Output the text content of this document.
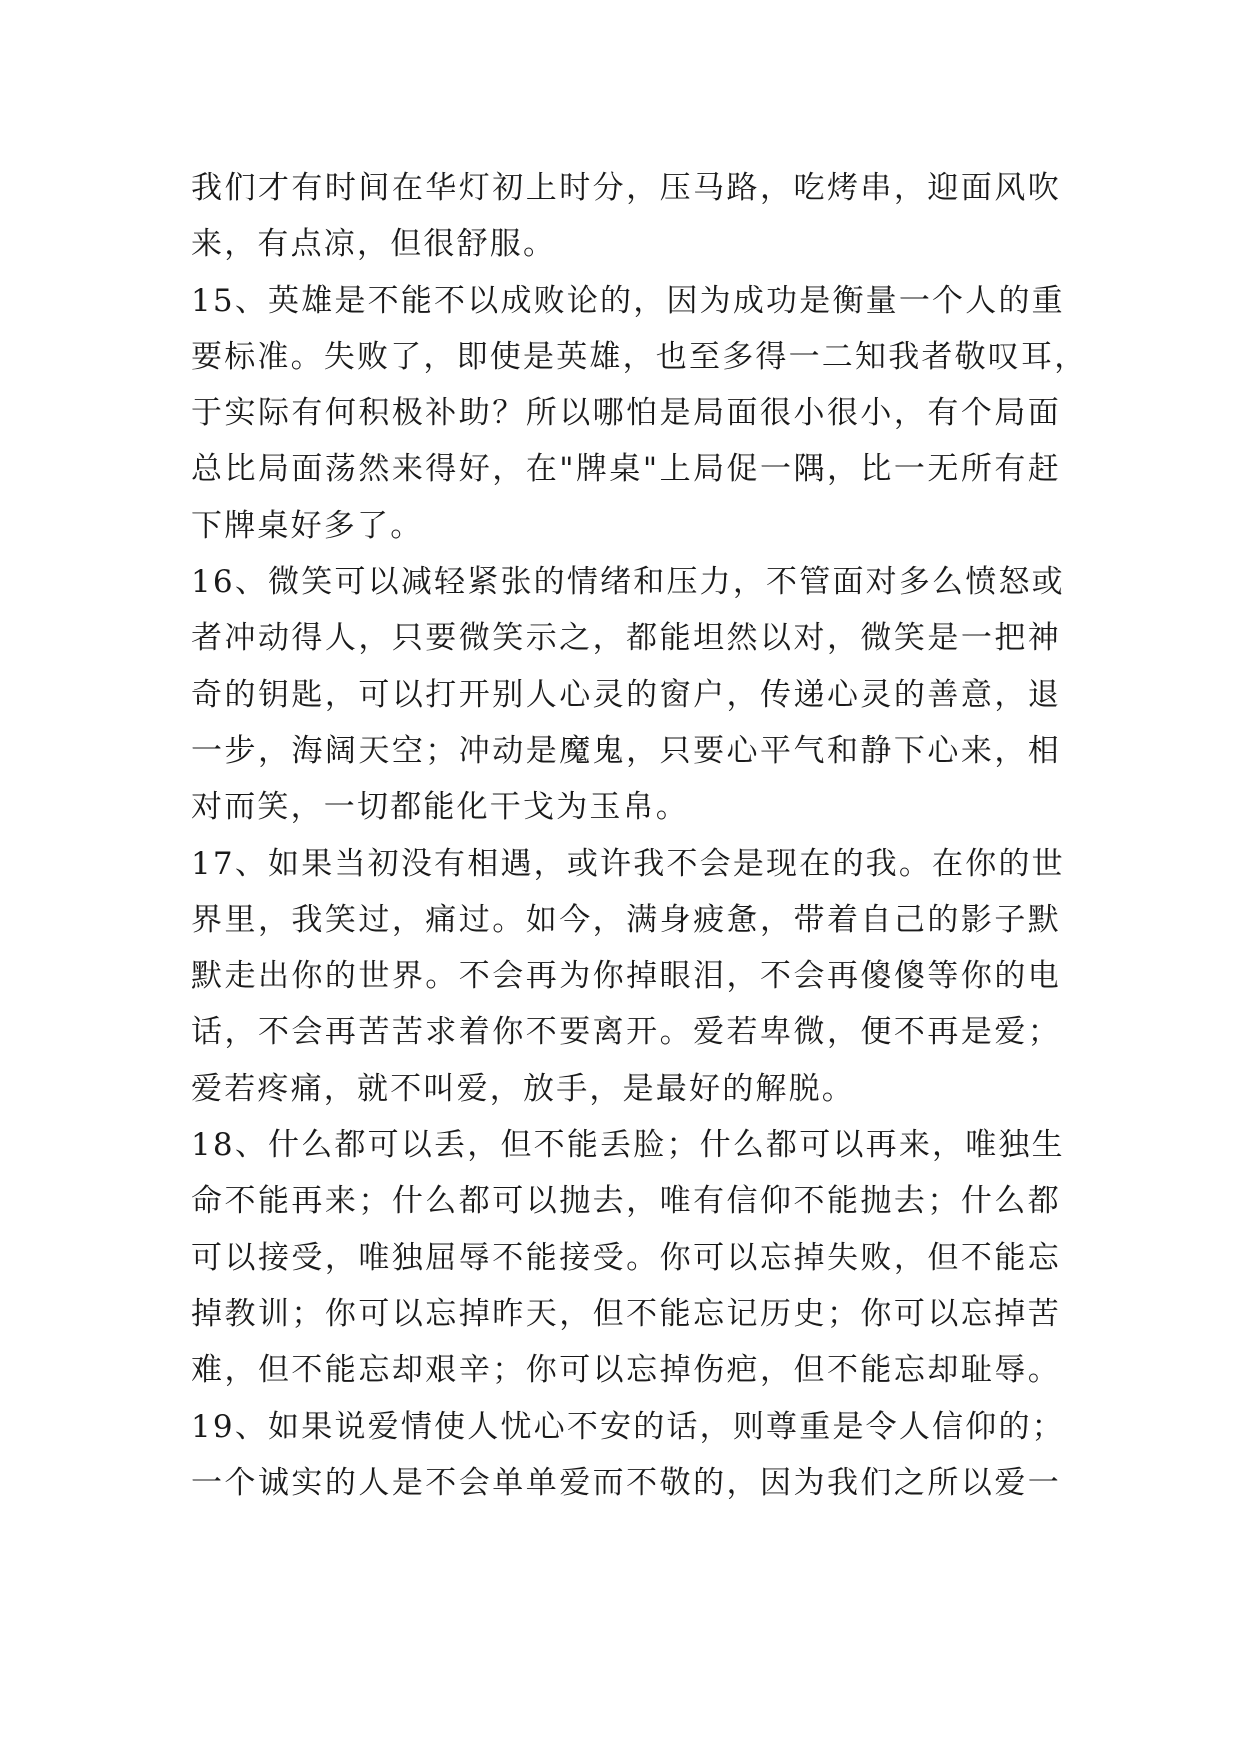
我们才有时间在华灯初上时分，压马路，吃烤串，迎面风吹
来，有点凉，但很舒服。
15、英雄是不能不以成败论的，因为成功是衡量一个人的重
要标准。失败了，即使是英雄，也至多得一二知我者敬叹耳，
于实际有何积极补助？所以哪怕是局面很小很小，有个局面
总比局面荡然来得好，在"牌桌"上局促一隅，比一无所有赶
下牌桌好多了。
16、微笑可以减轻紧张的情绪和压力，不管面对多么愤怒或
者冲动得人，只要微笑示之，都能坦然以对，微笑是一把神
奇的钥匙，可以打开别人心灵的窗户，传递心灵的善意，退
一步，海阔天空；冲动是魔鬼，只要心平气和静下心来，相
对而笑，一切都能化干戈为玉帛。
17、如果当初没有相遇，或许我不会是现在的我。在你的世
界里，我笑过，痛过。如今，满身疲惫，带着自己的影子默
默走出你的世界。不会再为你掉眼泪，不会再傻傻等你的电
话，不会再苦苦求着你不要离开。爱若卑微，便不再是爱；
爱若疼痛，就不叫爱，放手，是最好的解脱。
18、什么都可以丢，但不能丢脸；什么都可以再来，唯独生
命不能再来；什么都可以抛去，唯有信仰不能抛去；什么都
可以接受，唯独屈辱不能接受。你可以忘掉失败，但不能忘
掉教训；你可以忘掉昨天，但不能忘记历史；你可以忘掉苦
难，但不能忘却艰辛；你可以忘掉伤疤，但不能忘却耻辱。
19、如果说爱情使人忧心不安的话，则尊重是令人信仰的；
一个诚实的人是不会单单爱而不敬的，因为我们之所以爱一
